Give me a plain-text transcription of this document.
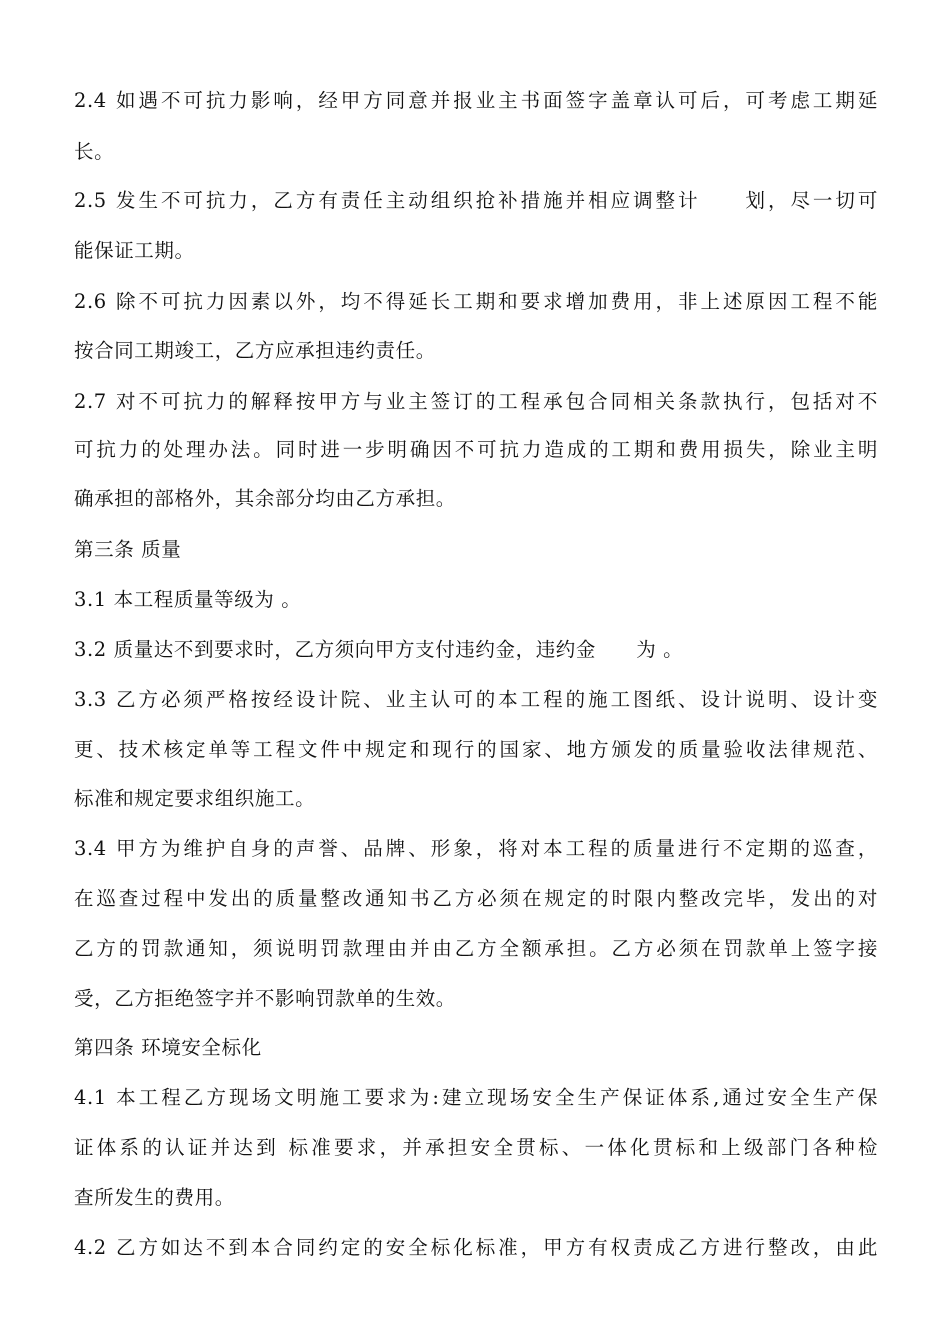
2.4 如遇不可抗力影响，经甲方同意并报业主书面签字盖章认可后，可考虑工期延
长。
2.5 发生不可抗力，乙方有责任主动组织抢补措施并相应调整计　　划，尽一切可
能保证工期。
2.6 除不可抗力因素以外，均不得延长工期和要求增加费用，非上述原因工程不能
按合同工期竣工，乙方应承担违约责任。
2.7 对不可抗力的解释按甲方与业主签订的工程承包合同相关条款执行，包括对不
可抗力的处理办法。同时进一步明确因不可抗力造成的工期和费用损失，除业主明
确承担的部格外，其余部分均由乙方承担。
第三条 质量
3.1 本工程质量等级为 。
3.2 质量达不到要求时，乙方须向甲方支付违约金，违约金　　为 。
3.3 乙方必须严格按经设计院、业主认可的本工程的施工图纸、设计说明、设计变
更、技术核定单等工程文件中规定和现行的国家、地方颁发的质量验收法律规范、
标准和规定要求组织施工。
3.4 甲方为维护自身的声誉、品牌、形象，将对本工程的质量进行不定期的巡查，
在巡查过程中发出的质量整改通知书乙方必须在规定的时限内整改完毕，发出的对
乙方的罚款通知，须说明罚款理由并由乙方全额承担。乙方必须在罚款单上签字接
受，乙方拒绝签字并不影响罚款单的生效。
第四条 环境安全标化
4.1 本工程乙方现场文明施工要求为:建立现场安全生产保证体系,通过安全生产保
证体系的认证并达到 标准要求，并承担安全贯标、一体化贯标和上级部门各种检
查所发生的费用。
4.2 乙方如达不到本合同约定的安全标化标准，甲方有权责成乙方进行整改，由此
